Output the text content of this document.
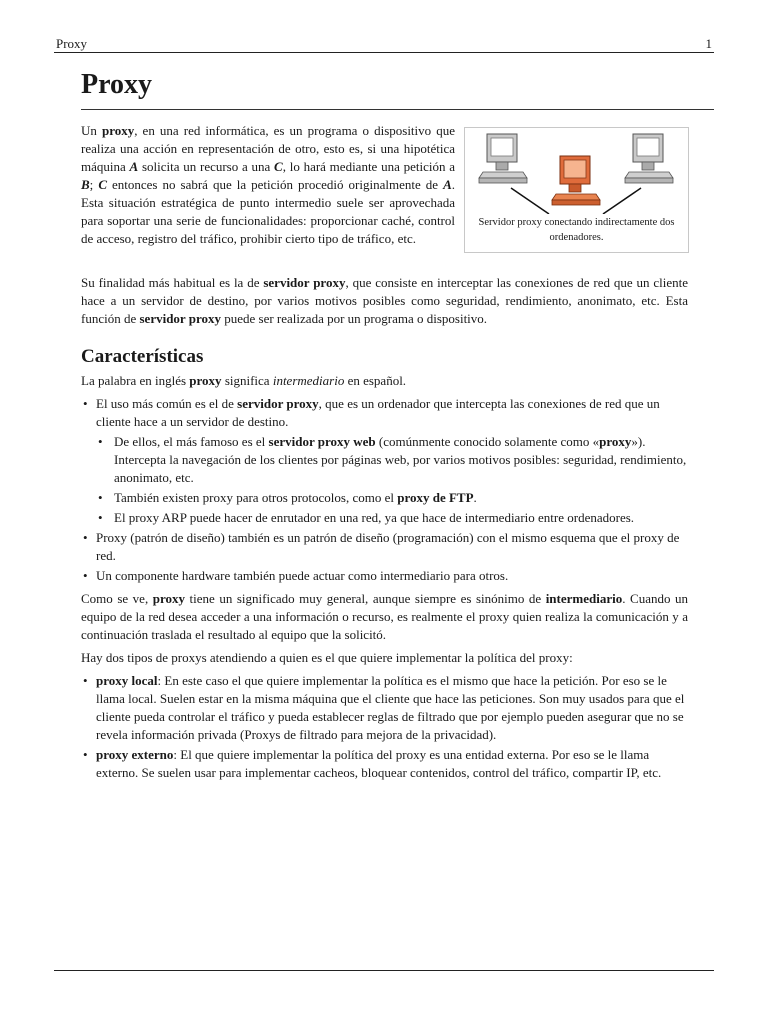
Proxy	1
Proxy
Servidor proxy conectando indirectamente dos ordenadores.

Un proxy, en una red informática, es un programa o dispositivo que realiza una acción en representación de otro, esto es, si una hipotética máquina A solicita un recurso a una C, lo hará mediante una petición a B; C entonces no sabrá que la petición procedió originalmente de A. Esta situación estratégica de punto intermedio suele ser aprovechada para soportar una serie de funcionalidades: proporcionar caché, control de acceso, registro del tráfico, prohibir cierto tipo de tráfico, etc.

Su finalidad más habitual es la de servidor proxy, que consiste en interceptar las conexiones de red que un cliente hace a un servidor de destino, por varios motivos posibles como seguridad, rendimiento, anonimato, etc. Esta función de servidor proxy puede ser realizada por un programa o dispositivo.

Características

La palabra en inglés proxy significa intermediario en español.

• El uso más común es el de servidor proxy, que es un ordenador que intercepta las conexiones de red que un cliente hace a un servidor de destino.
• De ellos, el más famoso es el servidor proxy web (comúnmente conocido solamente como «proxy»). Intercepta la navegación de los clientes por páginas web, por varios motivos posibles: seguridad, rendimiento, anonimato, etc.
• También existen proxy para otros protocolos, como el proxy de FTP.
• El proxy ARP puede hacer de enrutador en una red, ya que hace de intermediario entre ordenadores.
• Proxy (patrón de diseño) también es un patrón de diseño (programación) con el mismo esquema que el proxy de red.
• Un componente hardware también puede actuar como intermediario para otros.

Como se ve, proxy tiene un significado muy general, aunque siempre es sinónimo de intermediario. Cuando un equipo de la red desea acceder a una información o recurso, es realmente el proxy quien realiza la comunicación y a continuación traslada el resultado al equipo que la solicitó.

Hay dos tipos de proxys atendiendo a quien es el que quiere implementar la política del proxy:

• proxy local: En este caso el que quiere implementar la política es el mismo que hace la petición. Por eso se le llama local. Suelen estar en la misma máquina que el cliente que hace las peticiones. Son muy usados para que el cliente pueda controlar el tráfico y pueda establecer reglas de filtrado que por ejemplo pueden asegurar que no se revela información privada (Proxys de filtrado para mejora de la privacidad).
• proxy externo: El que quiere implementar la política del proxy es una entidad externa. Por eso se le llama externo. Se suelen usar para implementar cacheos, bloquear contenidos, control del tráfico, compartir IP, etc.
